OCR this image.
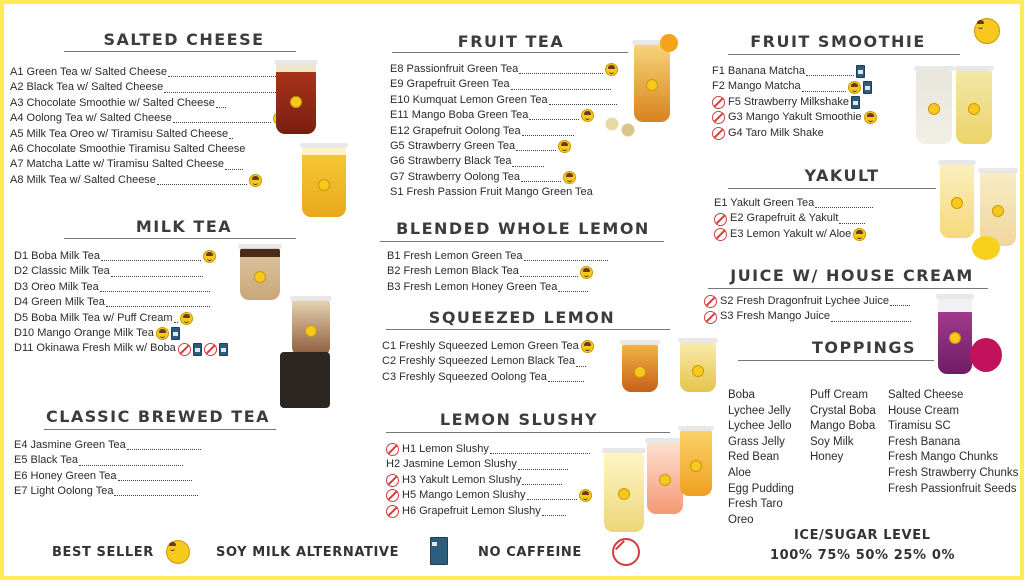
SALTED CHEESE
A1 Green Tea w/ Salted Cheese
A2 Black Tea w/ Salted Cheese
A3 Chocolate Smoothie w/ Salted Cheese
A4 Oolong Tea w/ Salted Cheese
A5 Milk Tea Oreo w/ Tiramisu Salted Cheese
A6 Chocolate Smoothie Tiramisu Salted Cheese
A7 Matcha Latte w/ Tiramisu Salted Cheese
A8 Milk Tea w/ Salted Cheese
MILK TEA
D1 Boba Milk Tea
D2 Classic Milk Tea
D3 Oreo Milk Tea
D4 Green Milk Tea
D5 Boba Milk Tea w/ Puff Cream
D10 Mango Orange Milk Tea
D11 Okinawa Fresh Milk w/ Boba
CLASSIC BREWED TEA
E4 Jasmine Green Tea
E5 Black Tea
E6 Honey Green Tea
E7 Light Oolong Tea
FRUIT TEA
E8 Passionfruit Green Tea
E9 Grapefruit Green Tea
E10 Kumquat Lemon Green Tea
E11 Mango Boba Green Tea
E12 Grapefruit Oolong Tea
G5 Strawberry Green Tea
G6 Strawberry Black Tea
G7 Strawberry Oolong Tea
S1 Fresh Passion Fruit Mango Green Tea
BLENDED WHOLE LEMON
B1 Fresh Lemon Green Tea
B2 Fresh Lemon Black Tea
B3 Fresh Lemon Honey Green Tea
SQUEEZED LEMON
C1 Freshly Squeezed Lemon Green Tea
C2 Freshly Squeezed Lemon Black Tea
C3 Freshly Squeezed Oolong Tea
LEMON SLUSHY
H1 Lemon Slushy
H2 Jasmine Lemon Slushy
H3 Yakult Lemon Slushy
H5 Mango Lemon Slushy
H6 Grapefruit Lemon Slushy
FRUIT SMOOTHIE
F1 Banana Matcha
F2 Mango Matcha
F5 Strawberry Milkshake
G3 Mango Yakult Smoothie
G4 Taro Milk Shake
YAKULT
E1 Yakult Green Tea
E2 Grapefruit & Yakult
E3 Lemon Yakult w/ Aloe
JUICE W/ HOUSE CREAM
S2 Fresh Dragonfruit Lychee Juice
S3 Fresh Mango Juice
TOPPINGS
Boba
Lychee Jelly
Lychee Jello
Grass Jelly
Red Bean
Aloe
Egg Pudding
Fresh Taro
Oreo
Puff Cream
Crystal Boba
Mango Boba
Soy Milk
Honey
Salted Cheese
House Cream
Tiramisu SC
Fresh Banana
Fresh Mango Chunks
Fresh Strawberry Chunks
Fresh Passionfruit Seeds
ICE/SUGAR LEVEL
100% 75% 50% 25% 0%
BEST SELLER	SOY MILK ALTERNATIVE	NO CAFFEINE
